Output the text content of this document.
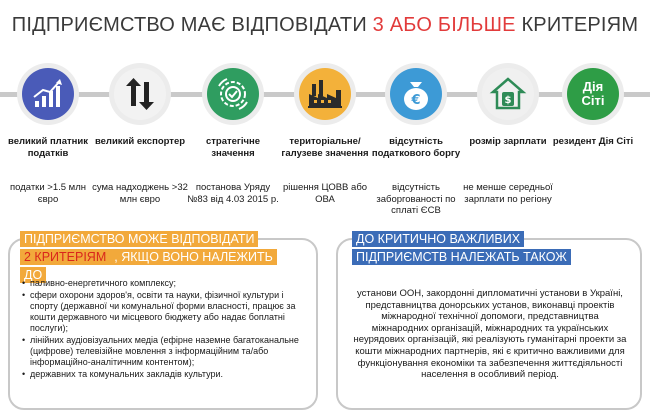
ПІДПРИЄМСТВО МАЄ ВІДПОВІДАТИ 3 АБО БІЛЬШЕ КРИТЕРІЯМ
великий платник податків
податки >1.5 млн євро
великий експортер
сума надходжень >32 млн євро
стратегічне значення
постанова Уряду №83 від 4.03 2015 р.
територіальне/ галузеве значення
рішення ЦОВВ або ОВА
€
відсутність податкового боргу
відсутність заборгованості по сплаті ЄСВ
$
розмір зарплати
не менше середньої зарплати по регіону
Дія Сіті
резидент Дія Сіті
ПІДПРИЄМСТВО МОЖЕ ВІДПОВІДАТИ
2 КРИТЕРІЯМ , ЯКЩО ВОНО НАЛЕЖИТЬ ДО
• паливно-енергетичного комплексу;
• сфери охорони здоров'я, освіти та науки, фізичної культури і спорту (державної чи комунальної форми власності, працює за кошти державного чи місцевого бюджету або надає боплатні послуги);
• лінійних аудіовізуальних медіа (ефірне наземне багатоканальне (цифрове) телевізійне мовлення з інформаційним та/або інформаційно-аналітичним контентом);
• державних та комунальних закладів культури.
ДО КРИТИЧНО ВАЖЛИВИХ ПІДПРИЄМСТВ НАЛЕЖАТЬ ТАКОЖ
установи ООН, закордонні дипломатичні установи в Україні, представництва донорських установ, виконавці проектів міжнародної технічної допомоги, представництва міжнародних організацій, міжнародних та українських неурядових організацій, які реалізують гуманітарні проекти за кошти міжнародних партнерів, які є критично важливими для функціонування економіки та забезпечення життєдіяльності населення в особливий період.
